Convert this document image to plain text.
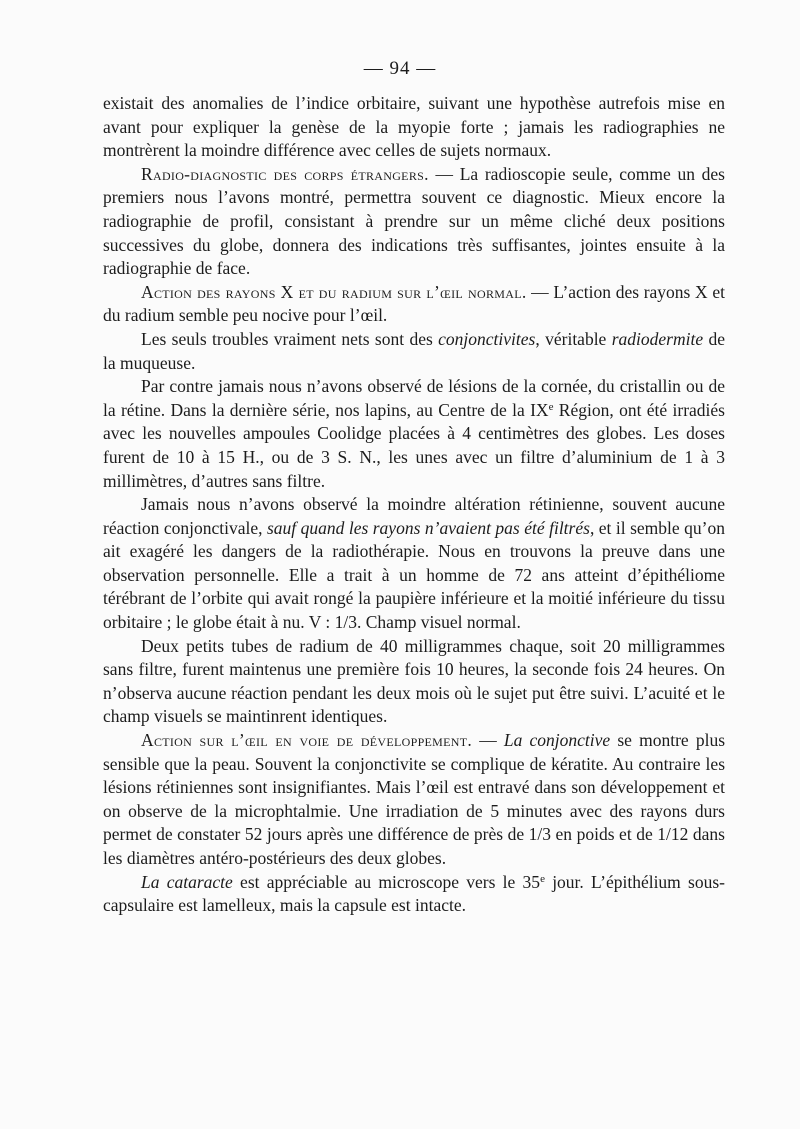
— 94 —

existait des anomalies de l’indice orbitaire, suivant une hypothèse autrefois mise en avant pour expliquer la genèse de la myopie forte ; jamais les radiographies ne montrèrent la moindre différence avec celles de sujets normaux.

Radio-diagnostic des corps étrangers. — La radioscopie seule, comme un des premiers nous l’avons montré, permettra souvent ce diagnostic. Mieux encore la radiographie de profil, consistant à prendre sur un même cliché deux positions successives du globe, donnera des indications très suffisantes, jointes ensuite à la radiographie de face.

Action des rayons X et du radium sur l’œil normal. — L’action des rayons X et du radium semble peu nocive pour l’œil.

Les seuls troubles vraiment nets sont des conjonctivites, véritable radiodermite de la muqueuse.

Par contre jamais nous n’avons observé de lésions de la cornée, du cristallin ou de la rétine. Dans la dernière série, nos lapins, au Centre de la IXe Région, ont été irradiés avec les nouvelles ampoules Coolidge placées à 4 centimètres des globes. Les doses furent de 10 à 15 H., ou de 3 S. N., les unes avec un filtre d’aluminium de 1 à 3 millimètres, d’autres sans filtre.

Jamais nous n’avons observé la moindre altération rétinienne, souvent aucune réaction conjonctivale, sauf quand les rayons n’avaient pas été filtrés, et il semble qu’on ait exagéré les dangers de la radiothérapie. Nous en trouvons la preuve dans une observation personnelle. Elle a trait à un homme de 72 ans atteint d’épithéliome térébrant de l’orbite qui avait rongé la paupière inférieure et la moitié inférieure du tissu orbitaire ; le globe était à nu. V : 1/3. Champ visuel normal.

Deux petits tubes de radium de 40 milligrammes chaque, soit 20 milligrammes sans filtre, furent maintenus une première fois 10 heures, la seconde fois 24 heures. On n’observa aucune réaction pendant les deux mois où le sujet put être suivi. L’acuité et le champ visuels se maintinrent identiques.

Action sur l’œil en voie de développement. — La conjonctive se montre plus sensible que la peau. Souvent la conjonctivite se complique de kératite. Au contraire les lésions rétiniennes sont insignifiantes. Mais l’œil est entravé dans son développement et on observe de la microphtalmie. Une irradiation de 5 minutes avec des rayons durs permet de constater 52 jours après une différence de près de 1/3 en poids et de 1/12 dans les diamètres antéro-postérieurs des deux globes.

La cataracte est appréciable au microscope vers le 35e jour. L’épithélium sous-capsulaire est lamelleux, mais la capsule est intacte.
